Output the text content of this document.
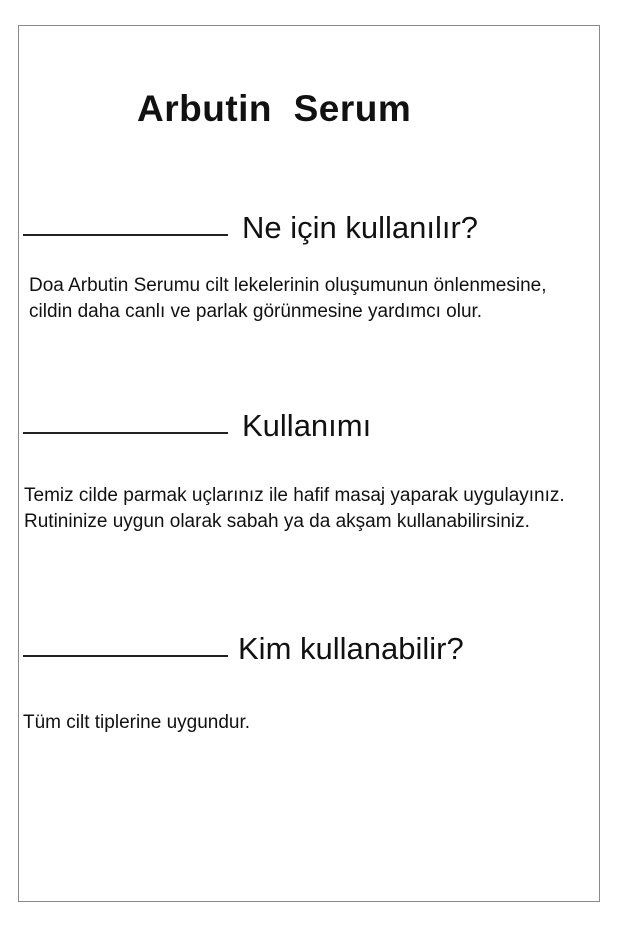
Arbutin  Serum
Ne için kullanılır?
Doa Arbutin Serumu cilt lekelerinin oluşumunun önlenmesine, cildin daha canlı ve parlak görünmesine yardımcı olur.
Kullanımı
Temiz cilde parmak uçlarınız ile hafif masaj yaparak uygulayınız. Rutininize uygun olarak sabah ya da akşam kullanabilirsiniz.
Kim kullanabilir?
Tüm cilt tiplerine uygundur.
